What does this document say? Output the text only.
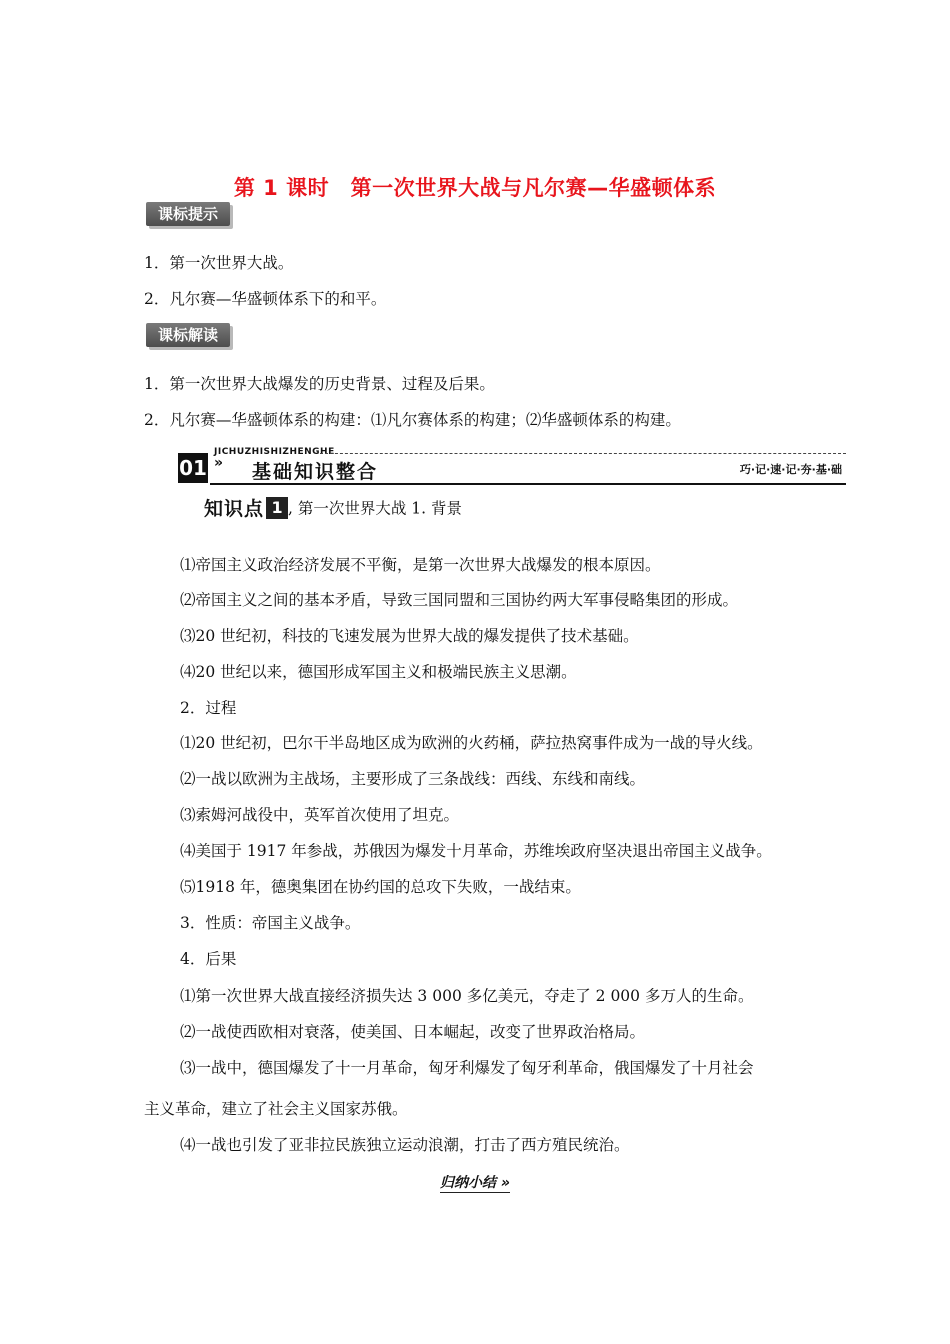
第 1 课时　第一次世界大战与凡尔赛—华盛顿体系
课标提示
1．第一次世界大战。
2．凡尔赛—华盛顿体系下的和平。
课标解读
1．第一次世界大战爆发的历史背景、过程及后果。
2．凡尔赛—华盛顿体系的构建：⑴凡尔赛体系的构建；⑵华盛顿体系的构建。
JICHUZHISHIZHENGHE
01 » 基础知识整合	巧·记·速·记·夯·基·础
知识点 1 , 第一次世界大战 1. 背景
⑴帝国主义政治经济发展不平衡，是第一次世界大战爆发的根本原因。
⑵帝国主义之间的基本矛盾，导致三国同盟和三国协约两大军事侵略集团的形成。
⑶20 世纪初，科技的飞速发展为世界大战的爆发提供了技术基础。
⑷20 世纪以来，德国形成军国主义和极端民族主义思潮。
2．过程
⑴20 世纪初，巴尔干半岛地区成为欧洲的火药桶，萨拉热窝事件成为一战的导火线。
⑵一战以欧洲为主战场，主要形成了三条战线：西线、东线和南线。
⑶索姆河战役中，英军首次使用了坦克。
⑷美国于 1917 年参战，苏俄因为爆发十月革命，苏维埃政府坚决退出帝国主义战争。
⑸1918 年，德奥集团在协约国的总攻下失败，一战结束。
3．性质：帝国主义战争。
4．后果
⑴第一次世界大战直接经济损失达 3 000 多亿美元，夺走了 2 000 多万人的生命。
⑵一战使西欧相对衰落，使美国、日本崛起，改变了世界政治格局。
⑶一战中，德国爆发了十一月革命，匈牙利爆发了匈牙利革命，俄国爆发了十月社会
主义革命，建立了社会主义国家苏俄。
⑷一战也引发了亚非拉民族独立运动浪潮，打击了西方殖民统治。
归纳小结 »
